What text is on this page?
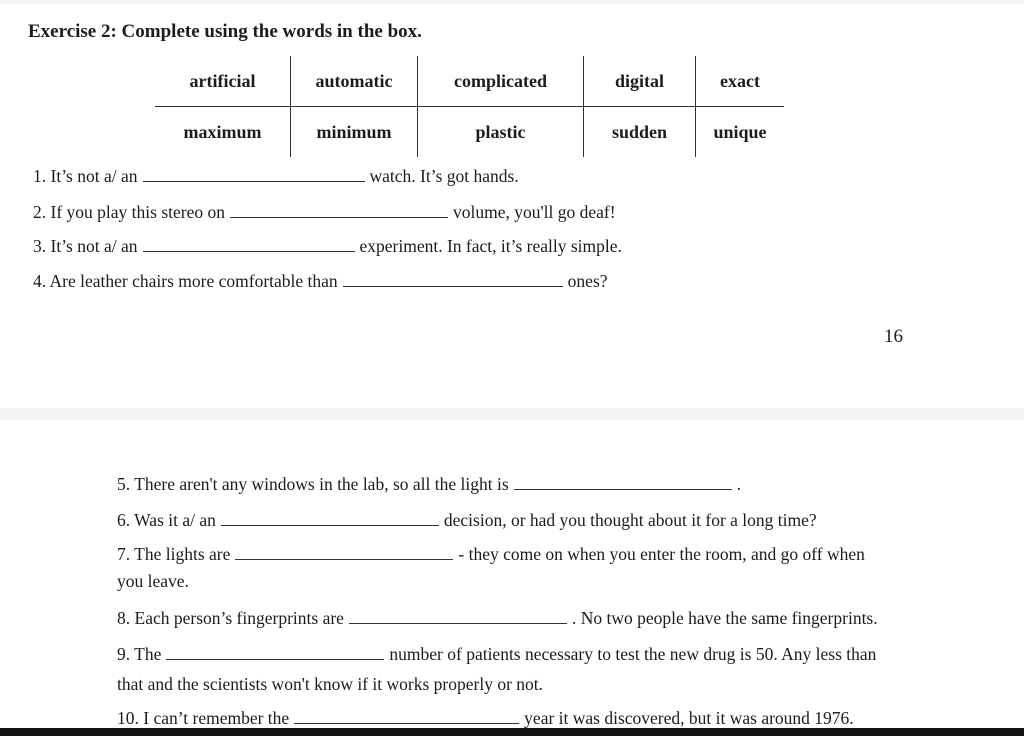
Exercise 2: Complete using the words in the box.
artificial	automatic	complicated	digital	exact
maximum	minimum	plastic	sudden	unique
1. It’s not a/ an	watch. It’s got hands.
2. If you play this stereo on	volume, you'll go deaf!
3. It’s not a/ an	experiment. In fact, it’s really simple.
4. Are leather chairs more comfortable than	ones?
16
5. There aren't any windows in the lab, so all the light is	.
6. Was it a/ an	decision, or had you thought about it for a long time?
7. The lights are	- they come on when you enter the room, and go off when
you leave.
8. Each person’s fingerprints are	. No two people have the same fingerprints.
9. The	number of patients necessary to test the new drug is 50. Any less than
that and the scientists won't know if it works properly or not.
10. I can’t remember the	year it was discovered, but it was around 1976.
